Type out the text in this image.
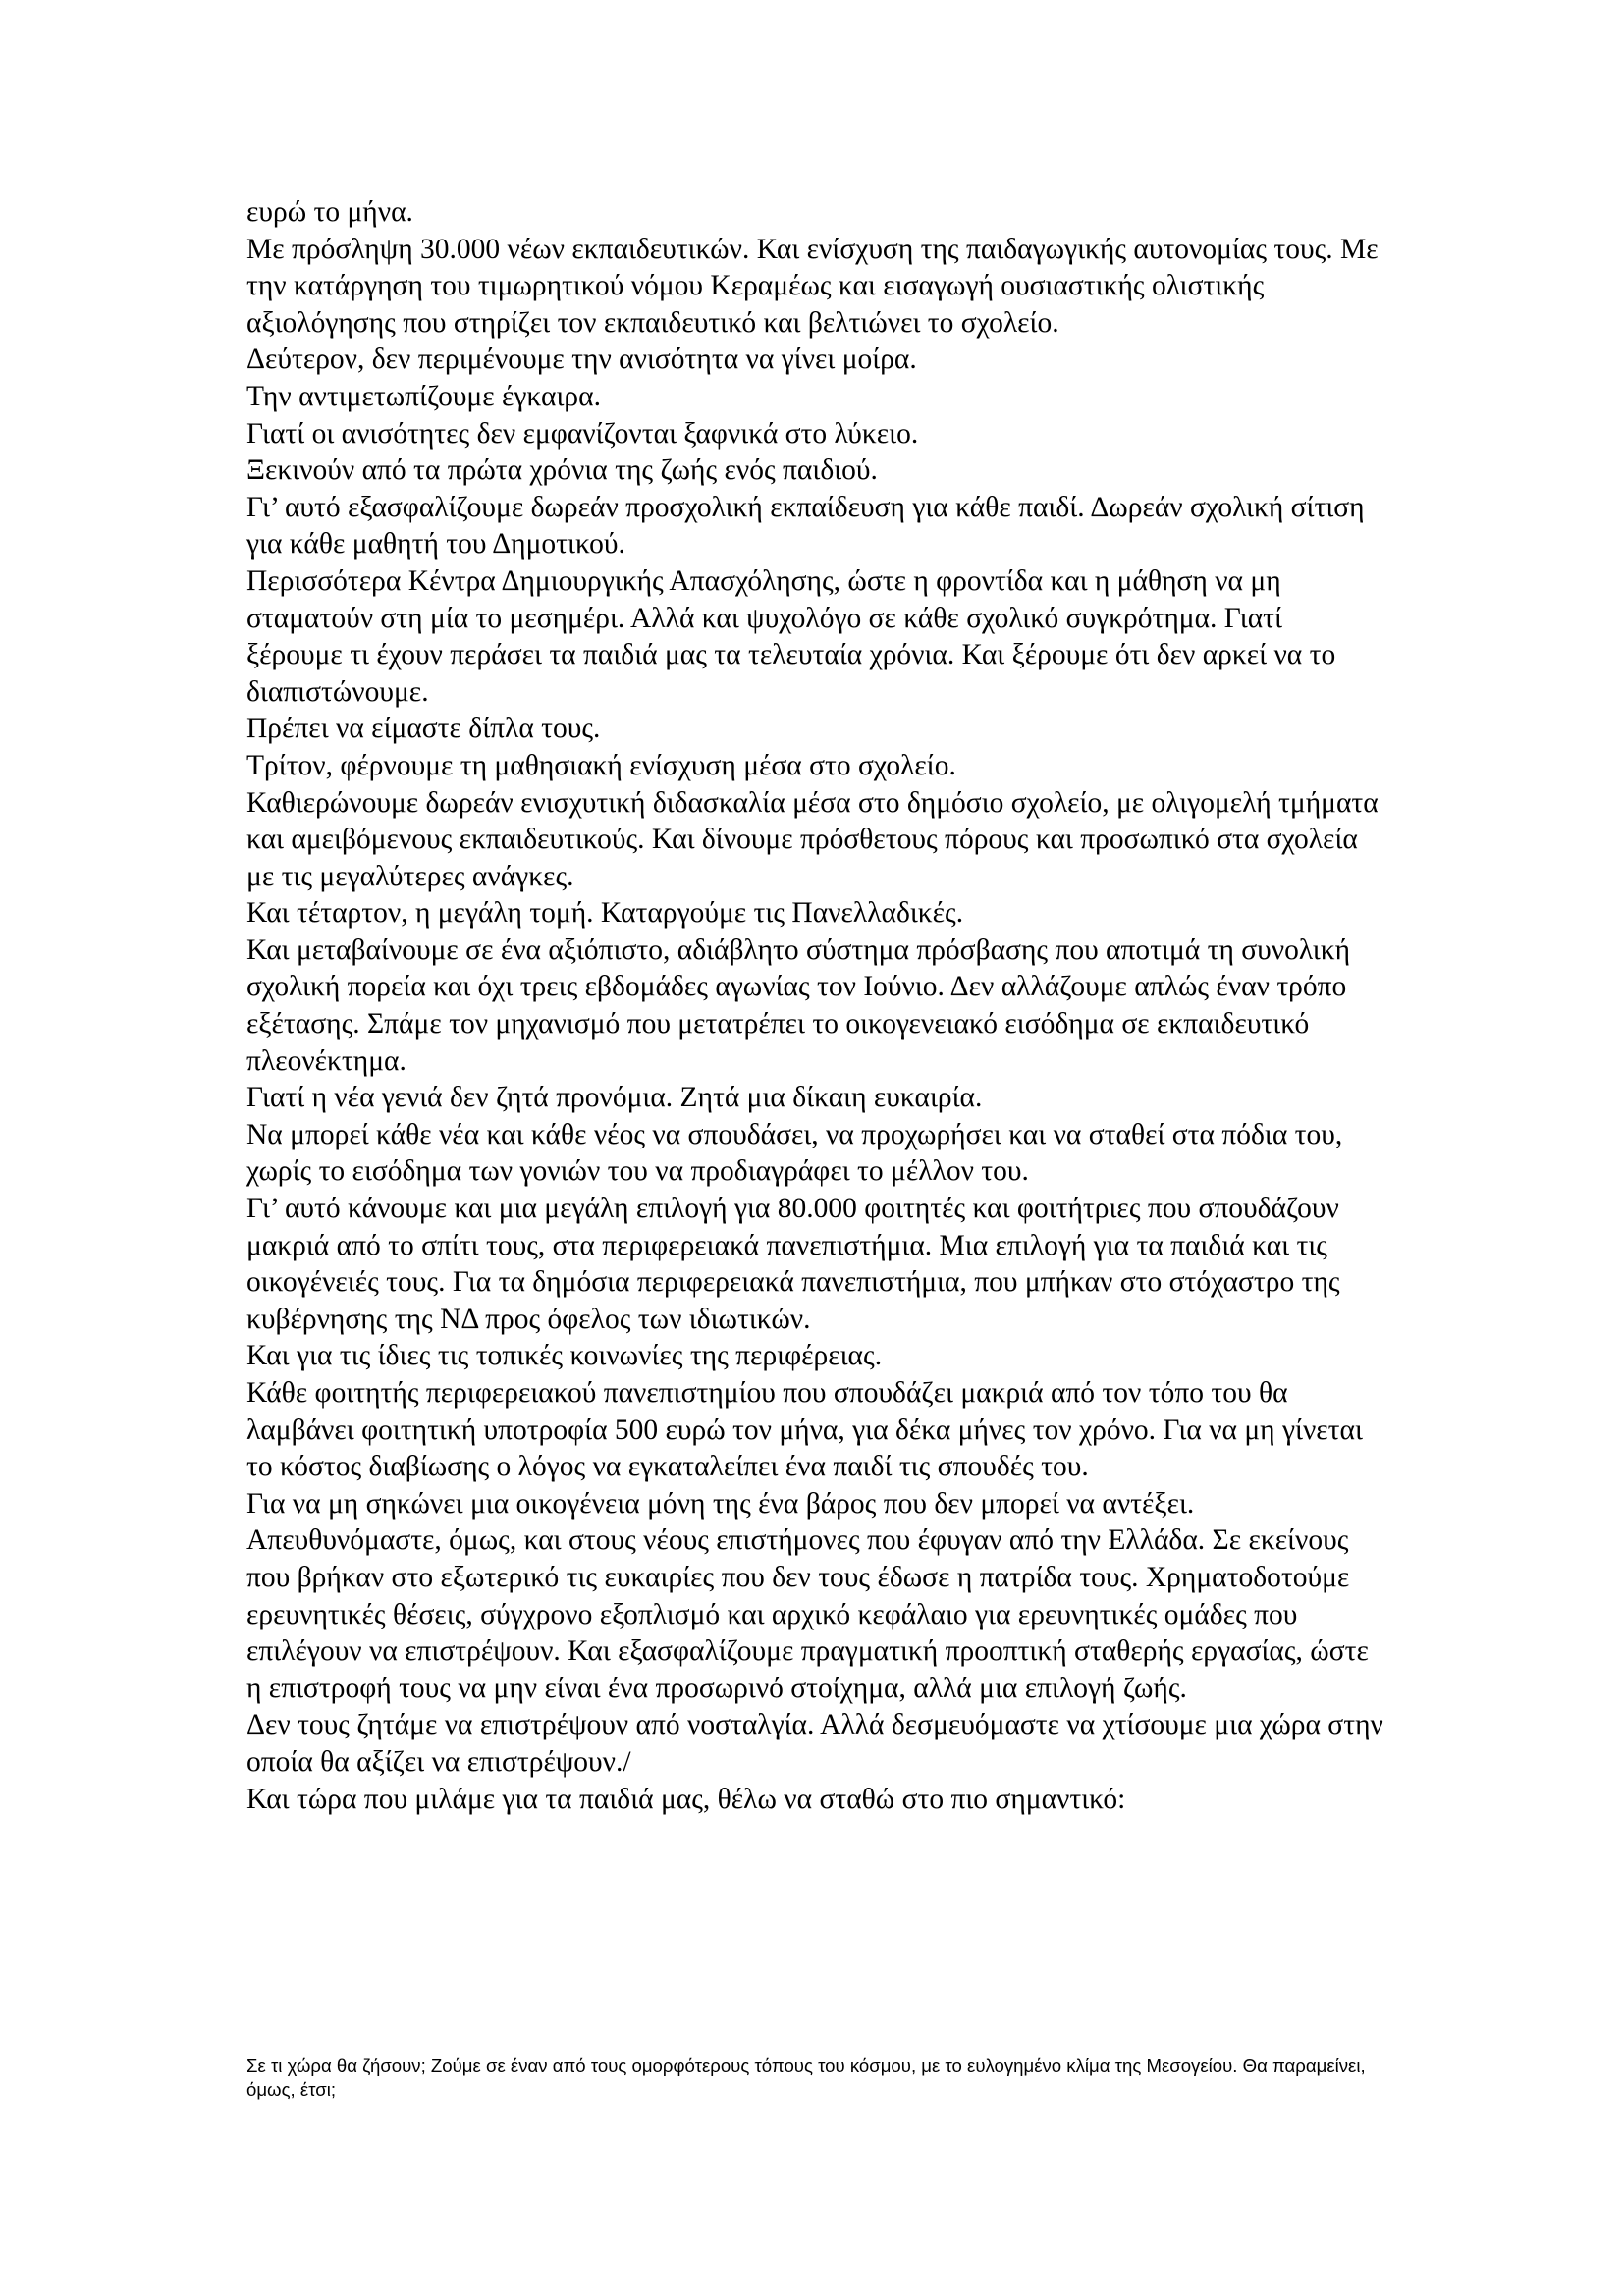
ευρώ το μήνα.

Με πρόσληψη 30.000 νέων εκπαιδευτικών. Και ενίσχυση της παιδαγωγικής αυτονομίας τους. Με την κατάργηση του τιμωρητικού νόμου Κεραμέως και εισαγωγή ουσιαστικής ολιστικής αξιολόγησης που στηρίζει τον εκπαιδευτικό και βελτιώνει το σχολείο.

Δεύτερον, δεν περιμένουμε την ανισότητα να γίνει μοίρα.

Την αντιμετωπίζουμε έγκαιρα.

Γιατί οι ανισότητες δεν εμφανίζονται ξαφνικά στο λύκειο.

Ξεκινούν από τα πρώτα χρόνια της ζωής ενός παιδιού.

Γι’ αυτό εξασφαλίζουμε δωρεάν προσχολική εκπαίδευση για κάθε παιδί. Δωρεάν σχολική σίτιση για κάθε μαθητή του Δημοτικού.

Περισσότερα Κέντρα Δημιουργικής Απασχόλησης, ώστε η φροντίδα και η μάθηση να μη σταματούν στη μία το μεσημέρι. Αλλά και ψυχολόγο σε κάθε σχολικό συγκρότημα. Γιατί ξέρουμε τι έχουν περάσει τα παιδιά μας τα τελευταία χρόνια. Και ξέρουμε ότι δεν αρκεί να το διαπιστώνουμε.

Πρέπει να είμαστε δίπλα τους.

Τρίτον, φέρνουμε τη μαθησιακή ενίσχυση μέσα στο σχολείο.

Καθιερώνουμε δωρεάν ενισχυτική διδασκαλία μέσα στο δημόσιο σχολείο, με ολιγομελή τμήματα και αμειβόμενους εκπαιδευτικούς. Και δίνουμε πρόσθετους πόρους και προσωπικό στα σχολεία με τις μεγαλύτερες ανάγκες.

Και τέταρτον, η μεγάλη τομή. Καταργούμε τις Πανελλαδικές.

Και μεταβαίνουμε σε ένα αξιόπιστο, αδιάβλητο σύστημα πρόσβασης που αποτιμά τη συνολική σχολική πορεία και όχι τρεις εβδομάδες αγωνίας τον Ιούνιο. Δεν αλλάζουμε απλώς έναν τρόπο εξέτασης. Σπάμε τον μηχανισμό που μετατρέπει το οικογενειακό εισόδημα σε εκπαιδευτικό πλεονέκτημα.

Γιατί η νέα γενιά δεν ζητά προνόμια. Ζητά μια δίκαιη ευκαιρία.

Να μπορεί κάθε νέα και κάθε νέος να σπουδάσει, να προχωρήσει και να σταθεί στα πόδια του, χωρίς το εισόδημα των γονιών του να προδιαγράφει το μέλλον του.

Γι’ αυτό κάνουμε και μια μεγάλη επιλογή για 80.000 φοιτητές και φοιτήτριες που σπουδάζουν μακριά από το σπίτι τους, στα περιφερειακά πανεπιστήμια. Μια επιλογή για τα παιδιά και τις οικογένειές τους. Για τα δημόσια περιφερειακά πανεπιστήμια, που μπήκαν στο στόχαστρο της κυβέρνησης της ΝΔ προς όφελος των ιδιωτικών.

Και για τις ίδιες τις τοπικές κοινωνίες της περιφέρειας.

Κάθε φοιτητής περιφερειακού πανεπιστημίου που σπουδάζει μακριά από τον τόπο του θα λαμβάνει φοιτητική υποτροφία 500 ευρώ τον μήνα, για δέκα μήνες τον χρόνο. Για να μη γίνεται το κόστος διαβίωσης ο λόγος να εγκαταλείπει ένα παιδί τις σπουδές του.

Για να μη σηκώνει μια οικογένεια μόνη της ένα βάρος που δεν μπορεί να αντέξει.

Απευθυνόμαστε, όμως, και στους νέους επιστήμονες που έφυγαν από την Ελλάδα. Σε εκείνους που βρήκαν στο εξωτερικό τις ευκαιρίες που δεν τους έδωσε η πατρίδα τους. Χρηματοδοτούμε ερευνητικές θέσεις, σύγχρονο εξοπλισμό και αρχικό κεφάλαιο για ερευνητικές ομάδες που επιλέγουν να επιστρέψουν. Και εξασφαλίζουμε πραγματική προοπτική σταθερής εργασίας, ώστε η επιστροφή τους να μην είναι ένα προσωρινό στοίχημα, αλλά μια επιλογή ζωής.

Δεν τους ζητάμε να επιστρέψουν από νοσταλγία. Αλλά δεσμευόμαστε να χτίσουμε μια χώρα στην οποία θα αξίζει να επιστρέψουν./

Και τώρα που μιλάμε για τα παιδιά μας, θέλω να σταθώ στο πιο σημαντικό:

Σε τι χώρα θα ζήσουν; Ζούμε σε έναν από τους ομορφότερους τόπους του κόσμου, με το ευλογημένο κλίμα της Μεσογείου. Θα παραμείνει, όμως, έτσι;
